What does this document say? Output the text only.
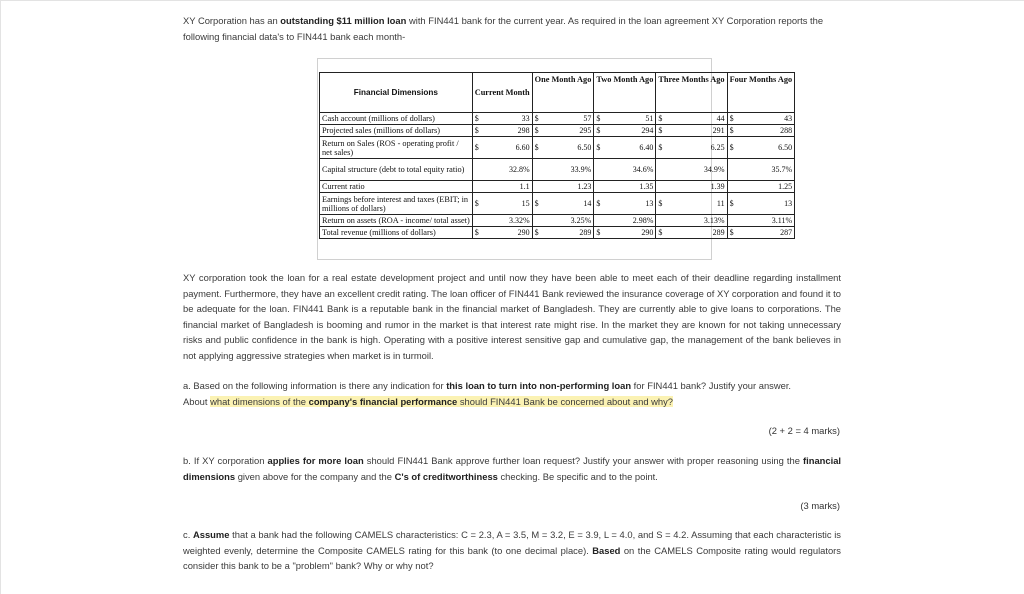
XY Corporation has an outstanding $11 million loan with FIN441 bank for the current year. As required in the loan agreement XY Corporation reports the following financial data's to FIN441 bank each month-

Financial Dimensions	Current Month	One Month Ago	Two Month Ago	Three Months Ago	Four Months Ago
Cash account (millions of dollars)	$ 33	$ 57	$ 51	$ 44	$ 43

Projected sales (millions of dollars)	$ 298	$ 295	$ 294	$ 291	$ 288

Return on Sales (ROS - operating profit / net sales)	$ 6.60	$ 6.50	$ 6.40	$ 6.25	$ 6.50

Capital structure (debt to total equity ratio)	32.8%	33.9%	34.6%	34.9%	35.7%
Current ratio	1.1	1.23	1.35	1.39	1.25
Earnings before interest and taxes (EBIT; in millions of dollars)	$ 15	$ 14	$ 13	$ 11	$ 13

Return on assets (ROA - income/ total asset)	3.32%	3.25%	2.98%	3.13%	3.11%
Total revenue (millions of dollars)	$ 290	$ 289	$ 290	$ 289	$ 287

XY corporation took the loan for a real estate development project and until now they have been able to meet each of their deadline regarding installment payment. Furthermore, they have an excellent credit rating. The loan officer of FIN441 Bank reviewed the insurance coverage of XY corporation and found it to be adequate for the loan. FIN441 Bank is a reputable bank in the financial market of Bangladesh. They are currently able to give loans to corporations. The financial market of Bangladesh is booming and rumor in the market is that interest rate might rise. In the market they are known for not taking unnecessary risks and public confidence in the bank is high. Operating with a positive interest sensitive gap and cumulative gap, the management of the bank believes in not applying aggressive strategies when market is in turmoil.

a. Based on the following information is there any indication for this loan to turn into non-performing loan for FIN441 bank? Justify your answer.
About what dimensions of the company's financial performance should FIN441 Bank be concerned about and why?

(2 + 2 = 4 marks)

b. If XY corporation applies for more loan should FIN441 Bank approve further loan request? Justify your answer with proper reasoning using the financial dimensions given above for the company and the C's of creditworthiness checking. Be specific and to the point.

(3 marks)

c. Assume that a bank had the following CAMELS characteristics: C = 2.3, A = 3.5, M = 3.2, E = 3.9, L = 4.0, and S = 4.2. Assuming that each characteristic is weighted evenly, determine the Composite CAMELS rating for this bank (to one decimal place). Based on the CAMELS Composite rating would regulators consider this bank to be a "problem" bank? Why or why not?
